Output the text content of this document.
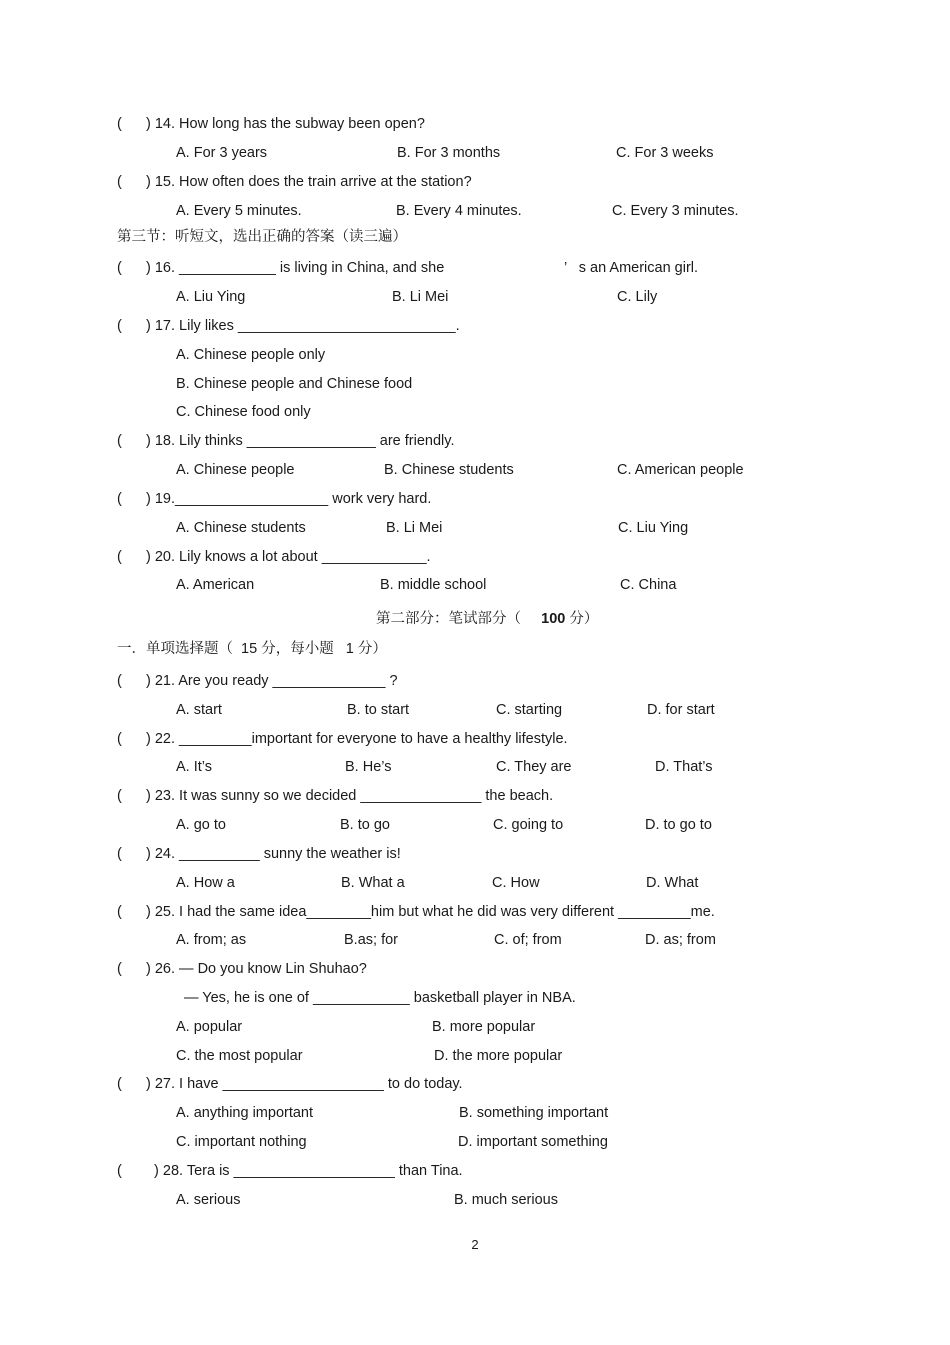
(      ) 14. How long has the subway been open?
A. For 3 years	B. For 3 months	C. For 3 weeks
(      ) 15. How often does the train arrive at the station?
A. Every 5 minutes.	B. Every 4 minutes.	C. Every 3 minutes.
第三节：听短文，选出正确的答案（读三遍）
(      ) 16. ____________ is living in China, and she	’   s an American girl.
A. Liu Ying	B. Li Mei	C. Lily
(      ) 17. Lily likes ___________________________.
A. Chinese people only
B. Chinese people and Chinese food
C. Chinese food only
(      ) 18. Lily thinks ________________ are friendly.
A. Chinese people	B. Chinese students	C. American people
(      ) 19.___________________ work very hard.
A. Chinese students	B. Li Mei	C. Liu Ying
(      ) 20. Lily knows a lot about _____________.
A. American	B. middle school	C. China
第二部分：笔试部分（ 100 分）
一．单项选择题（  15 分，每小题   1 分）
(      ) 21. Are you ready ______________ ?
A. start	B. to start	C. starting	D. for start
(      ) 22. _________important for everyone to have a healthy lifestyle.
A. It’s	B. He’s	C. They are	D. That’s
(      ) 23. It was sunny so we decided _______________ the beach.
A. go to	B. to go	C. going to	D. to go to
(      ) 24. __________ sunny the weather is!
A. How a	B. What a	C. How	D. What
(      ) 25. I had the same idea________him but what he did was very different _________me.
A. from; as	B.as; for	C. of; from	D. as; from
(      ) 26. — Do you know Lin Shuhao?
— Yes, he is one of ____________ basketball player in NBA.
A. popular	B. more popular
C. the most popular	D. the more popular
(      ) 27. I have ____________________ to do today.
A. anything important	B. something important
C. important nothing	D. important something
(        ) 28. Tera is ____________________ than Tina.
A. serious	B. much serious
2
